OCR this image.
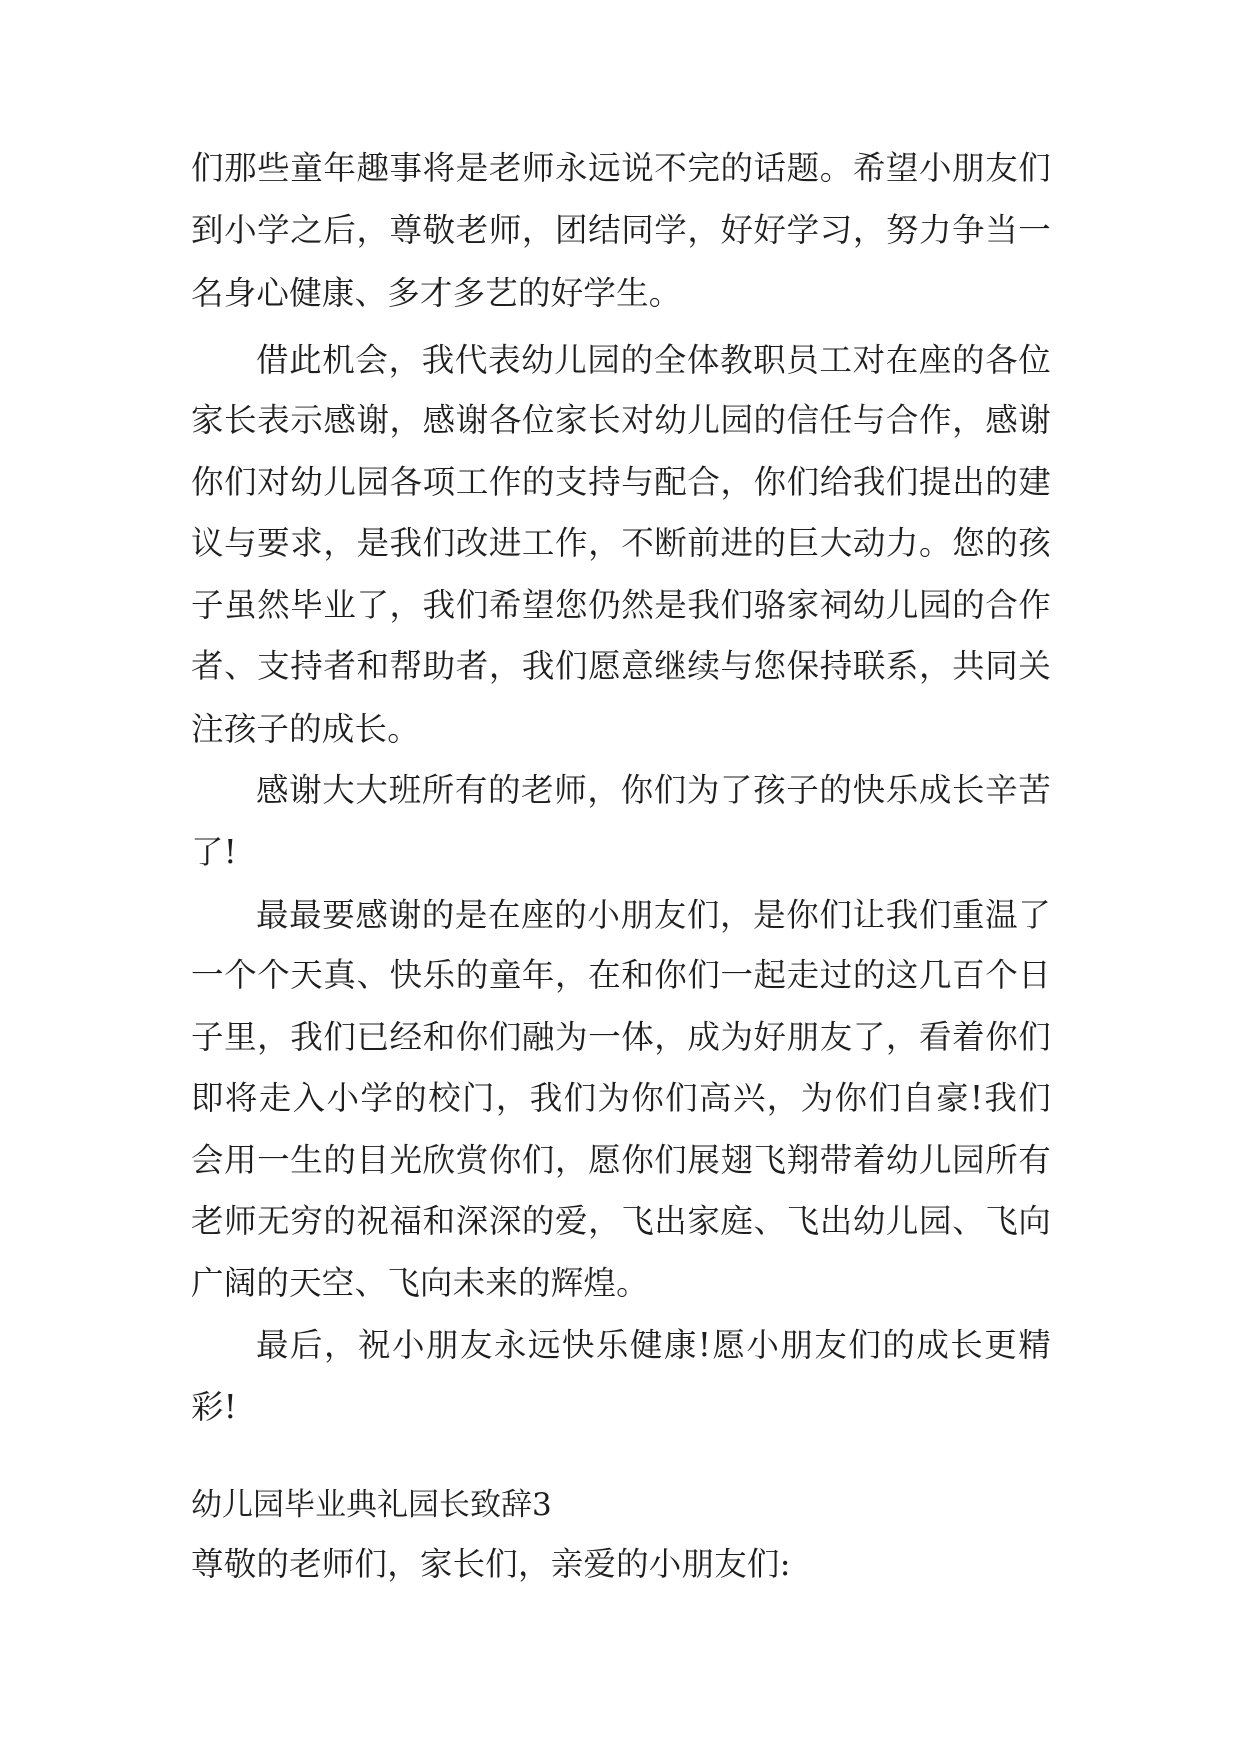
们那些童年趣事将是老师永远说不完的话题。希望小朋友们

到小学之后，尊敬老师，团结同学，好好学习，努力争当一

名身心健康、多才多艺的好学生。

借此机会，我代表幼儿园的全体教职员工对在座的各位

家长表示感谢，感谢各位家长对幼儿园的信任与合作，感谢

你们对幼儿园各项工作的支持与配合，你们给我们提出的建

议与要求，是我们改进工作，不断前进的巨大动力。您的孩

子虽然毕业了，我们希望您仍然是我们骆家祠幼儿园的合作

者、支持者和帮助者，我们愿意继续与您保持联系，共同关

注孩子的成长。

感谢大大班所有的老师，你们为了孩子的快乐成长辛苦

了!

最最要感谢的是在座的小朋友们，是你们让我们重温了

一个个天真、快乐的童年，在和你们一起走过的这几百个日

子里，我们已经和你们融为一体，成为好朋友了，看着你们

即将走入小学的校门，我们为你们高兴，为你们自豪!我们

会用一生的目光欣赏你们，愿你们展翅飞翔带着幼儿园所有

老师无穷的祝福和深深的爱，飞出家庭、飞出幼儿园、飞向

广阔的天空、飞向未来的辉煌。

最后，祝小朋友永远快乐健康!愿小朋友们的成长更精

彩!

幼儿园毕业典礼园长致辞3

尊敬的老师们，家长们，亲爱的小朋友们:
